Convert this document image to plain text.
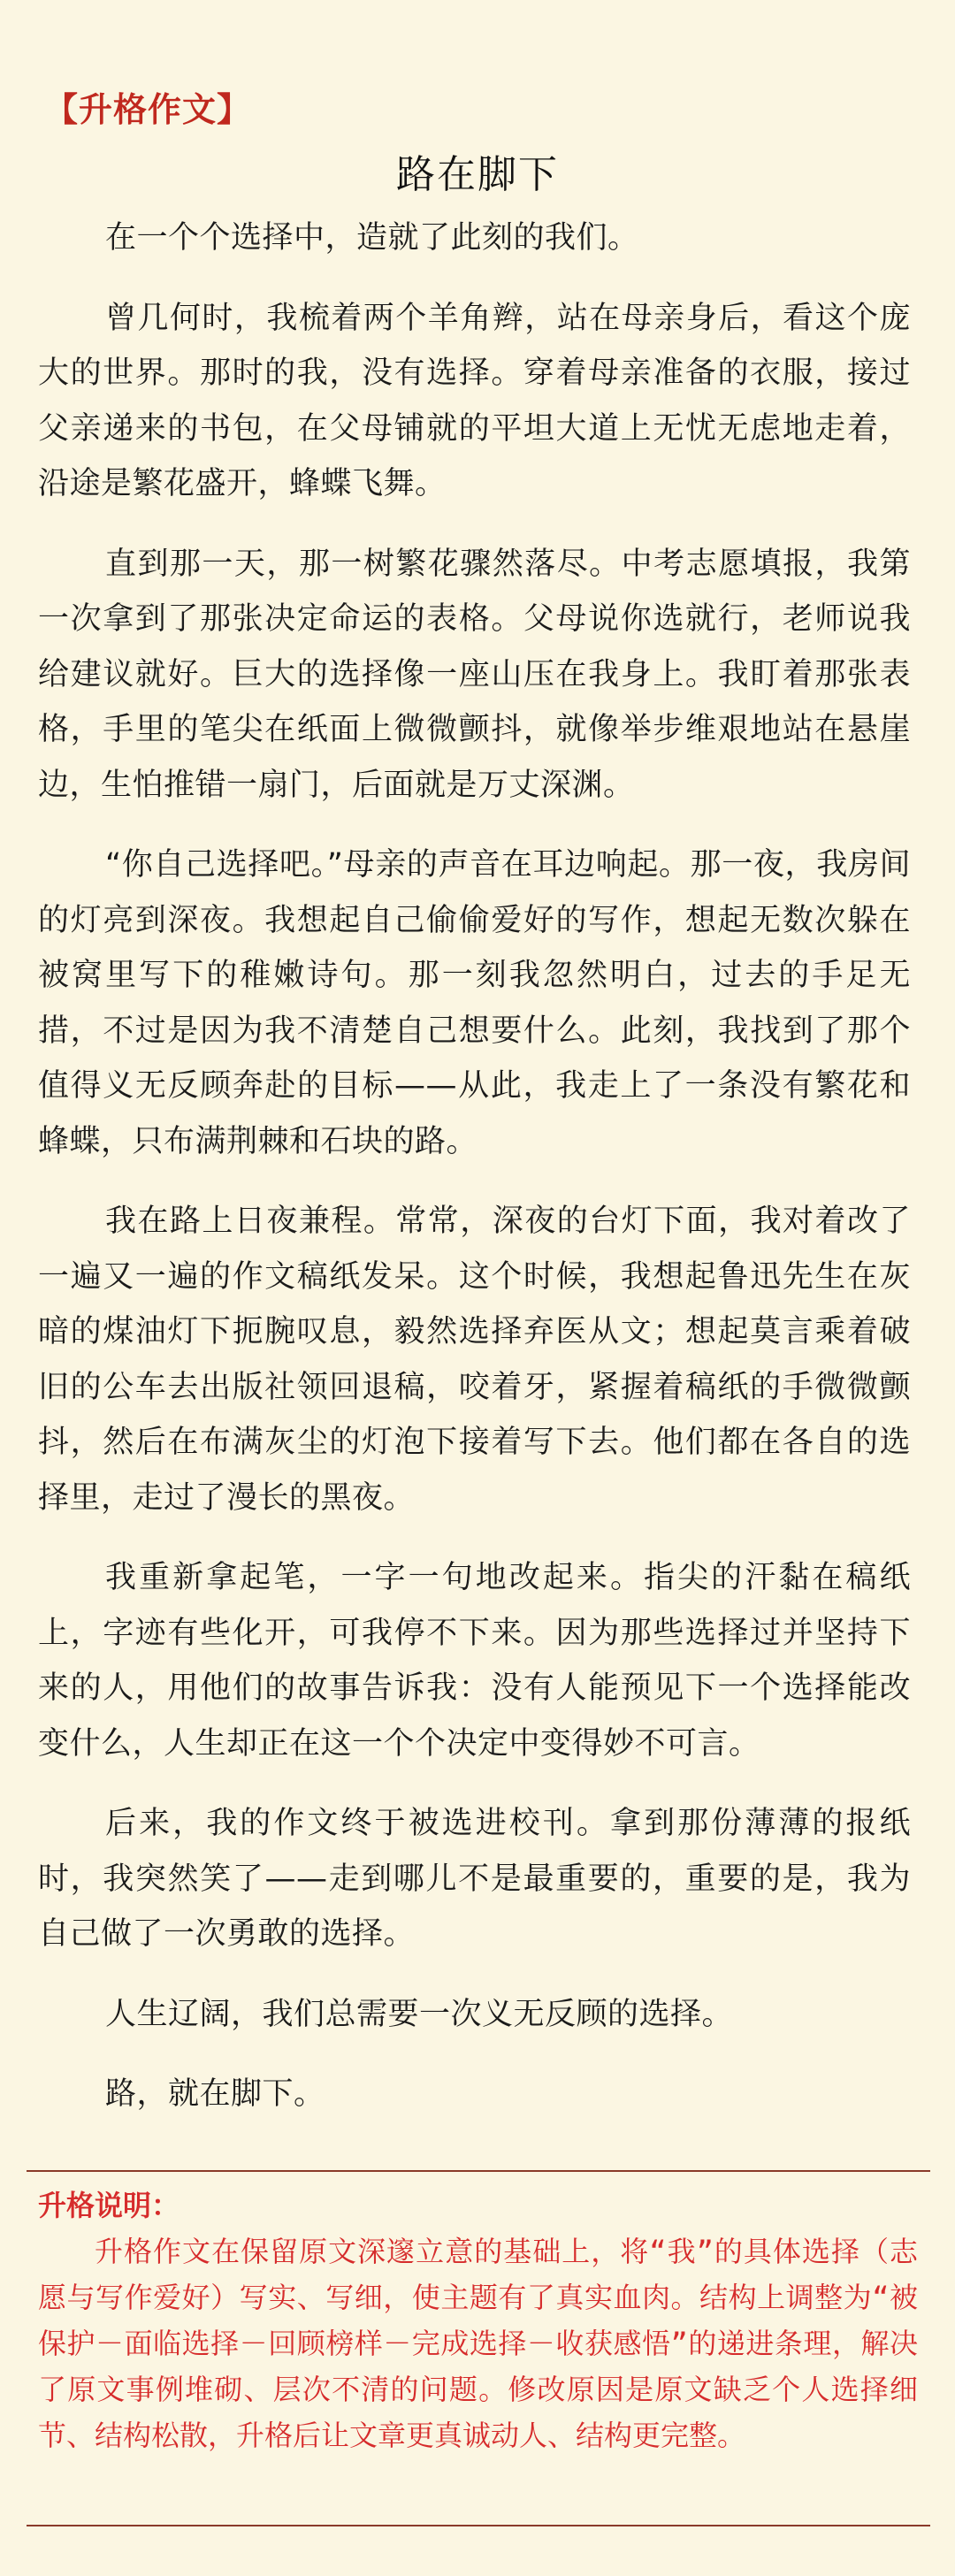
【升格作文】
路在脚下

在一个个选择中，造就了此刻的我们。

曾几何时，我梳着两个羊角辫，站在母亲身后，看这个庞大的世界。那时的我，没有选择。穿着母亲准备的衣服，接过父亲递来的书包，在父母铺就的平坦大道上无忧无虑地走着，沿途是繁花盛开，蜂蝶飞舞。

直到那一天，那一树繁花骤然落尽。中考志愿填报，我第一次拿到了那张决定命运的表格。父母说你选就行，老师说我给建议就好。巨大的选择像一座山压在我身上。我盯着那张表格，手里的笔尖在纸面上微微颤抖，就像举步维艰地站在悬崖边，生怕推错一扇门，后面就是万丈深渊。

“你自己选择吧。”母亲的声音在耳边响起。那一夜，我房间的灯亮到深夜。我想起自己偷偷爱好的写作，想起无数次躲在被窝里写下的稚嫩诗句。那一刻我忽然明白，过去的手足无措，不过是因为我不清楚自己想要什么。此刻，我找到了那个值得义无反顾奔赴的目标——从此，我走上了一条没有繁花和蜂蝶，只布满荆棘和石块的路。

我在路上日夜兼程。常常，深夜的台灯下面，我对着改了一遍又一遍的作文稿纸发呆。这个时候，我想起鲁迅先生在灰暗的煤油灯下扼腕叹息，毅然选择弃医从文；想起莫言乘着破旧的公车去出版社领回退稿，咬着牙，紧握着稿纸的手微微颤抖，然后在布满灰尘的灯泡下接着写下去。他们都在各自的选择里，走过了漫长的黑夜。

我重新拿起笔，一字一句地改起来。指尖的汗黏在稿纸上，字迹有些化开，可我停不下来。因为那些选择过并坚持下来的人，用他们的故事告诉我：没有人能预见下一个选择能改变什么，人生却正在这一个个决定中变得妙不可言。

后来，我的作文终于被选进校刊。拿到那份薄薄的报纸时，我突然笑了——走到哪儿不是最重要的，重要的是，我为自己做了一次勇敢的选择。

人生辽阔，我们总需要一次义无反顾的选择。

路，就在脚下。

升格说明：

升格作文在保留原文深邃立意的基础上，将“我”的具体选择（志愿与写作爱好）写实、写细，使主题有了真实血肉。结构上调整为“被保护－面临选择－回顾榜样－完成选择－收获感悟”的递进条理，解决了原文事例堆砌、层次不清的问题。修改原因是原文缺乏个人选择细节、结构松散，升格后让文章更真诚动人、结构更完整。
